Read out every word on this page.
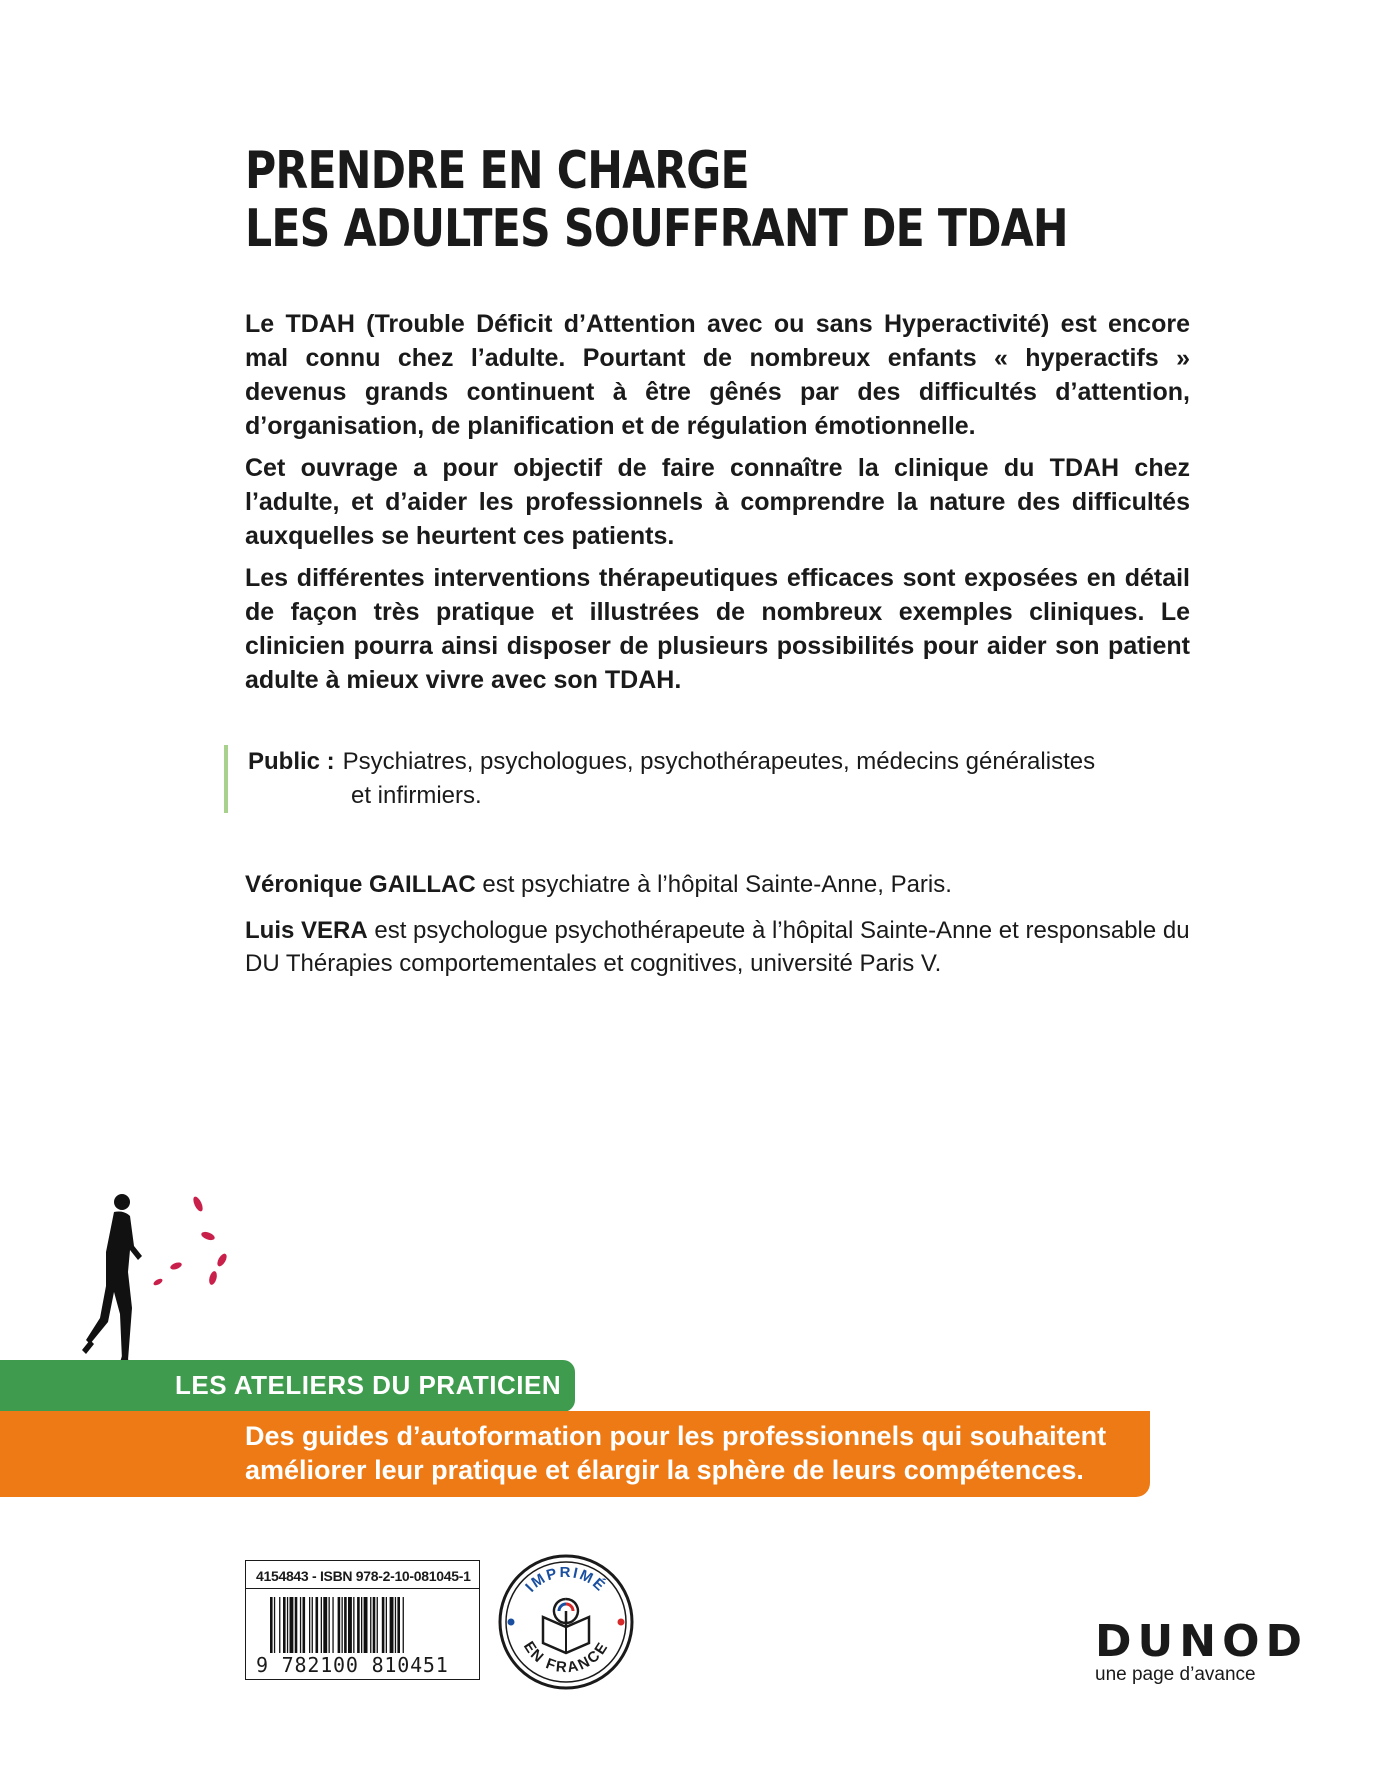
PRENDRE EN CHARGE
LES ADULTES SOUFFRANT DE TDAH

Le TDAH (Trouble Déficit d’Attention avec ou sans Hyperactivité) est encore mal connu chez l’adulte. Pourtant de nombreux enfants « hyperactifs » devenus grands continuent à être gênés par des difficultés d’attention, d’organisation, de planification et de régulation émotionnelle.

Cet ouvrage a pour objectif de faire connaître la clinique du TDAH chez l’adulte, et d’aider les professionnels à comprendre la nature des difficultés auxquelles se heurtent ces patients.

Les différentes interventions thérapeutiques efficaces sont exposées en détail de façon très pratique et illustrées de nombreux exemples cliniques. Le clinicien pourra ainsi disposer de plusieurs possibilités pour aider son patient adulte à mieux vivre avec son TDAH.

Public : Psychiatres, psychologues, psychothérapeutes, médecins généralistes
et infirmiers.

Véronique GAILLAC est psychiatre à l’hôpital Sainte-Anne, Paris.

Luis VERA est psychologue psychothérapeute à l’hôpital Sainte-Anne et responsable du DU Thérapies comportementales et cognitives, université Paris V.

LES ATELIERS DU PRATICIEN
Des guides d’autoformation pour les professionnels qui souhaitent améliorer leur pratique et élargir la sphère de leurs compétences.
4154843 - ISBN 978-2-10-081045-1
9 782100 810451
IMPRIMÉ
EN FRANCE	DUNOD
une page d’avance
